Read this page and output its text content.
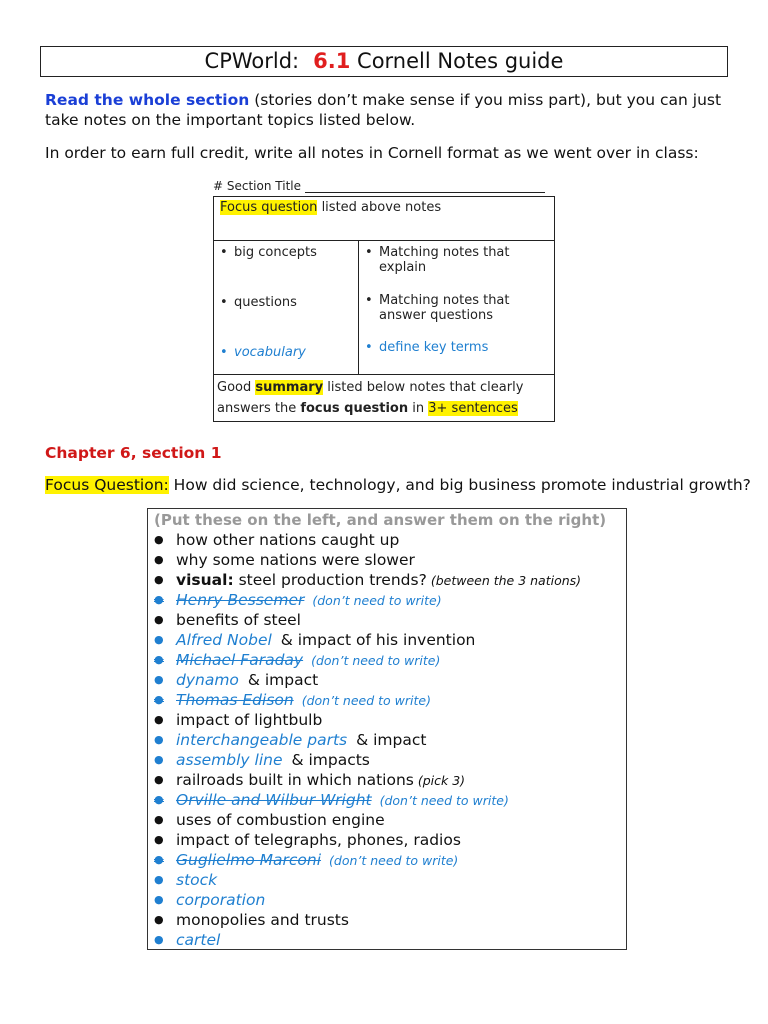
CPWorld: 6.1 Cornell Notes guide
Read the whole section (stories don’t make sense if you miss part), but you can just take notes on the important topics listed below.
In order to earn full credit, write all notes in Cornell format as we went over in class:
# Section Title
Focus question listed above notes
• big concepts
• questions
• vocabulary
• Matching notes that explain
• Matching notes that answer questions
• define key terms
Good summary listed below notes that clearly answers the focus question in 3+ sentences
Chapter 6, section 1
Focus Question: How did science, technology, and big business promote industrial growth?
(Put these on the left, and answer them on the right)
● how other nations caught up
● why some nations were slower
● visual: steel production trends? (between the 3 nations)
● Henry Bessemer (don’t need to write)
● benefits of steel
● Alfred Nobel & impact of his invention
● Michael Faraday (don’t need to write)
● dynamo & impact
● Thomas Edison (don’t need to write)
● impact of lightbulb
● interchangeable parts & impact
● assembly line & impacts
● railroads built in which nations (pick 3)
● Orville and Wilbur Wright (don’t need to write)
● uses of combustion engine
● impact of telegraphs, phones, radios
● Guglielmo Marconi (don’t need to write)
● stock
● corporation
● monopolies and trusts
● cartel
